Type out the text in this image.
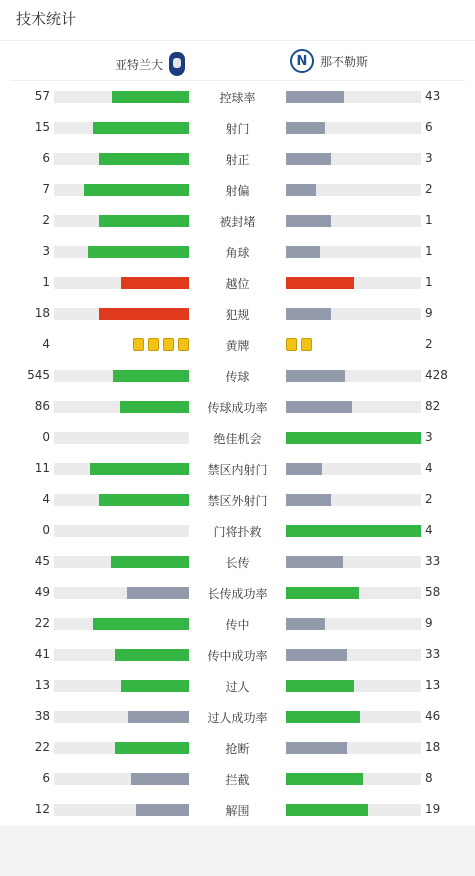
技术统计
亚特兰大	N	那不勒斯
57	控球率	43
15	射门	6
6	射正	3
7	射偏	2
2	被封堵	1
3	角球	1
1	越位	1
18	犯规	9
4	黄牌	2
545	传球	428
86	传球成功率	82
0	绝佳机会	3
11	禁区内射门	4
4	禁区外射门	2
0	门将扑救	4
45	长传	33
49	长传成功率	58
22	传中	9
41	传中成功率	33
13	过人	13
38	过人成功率	46
22	抢断	18
6	拦截	8
12	解围	19
